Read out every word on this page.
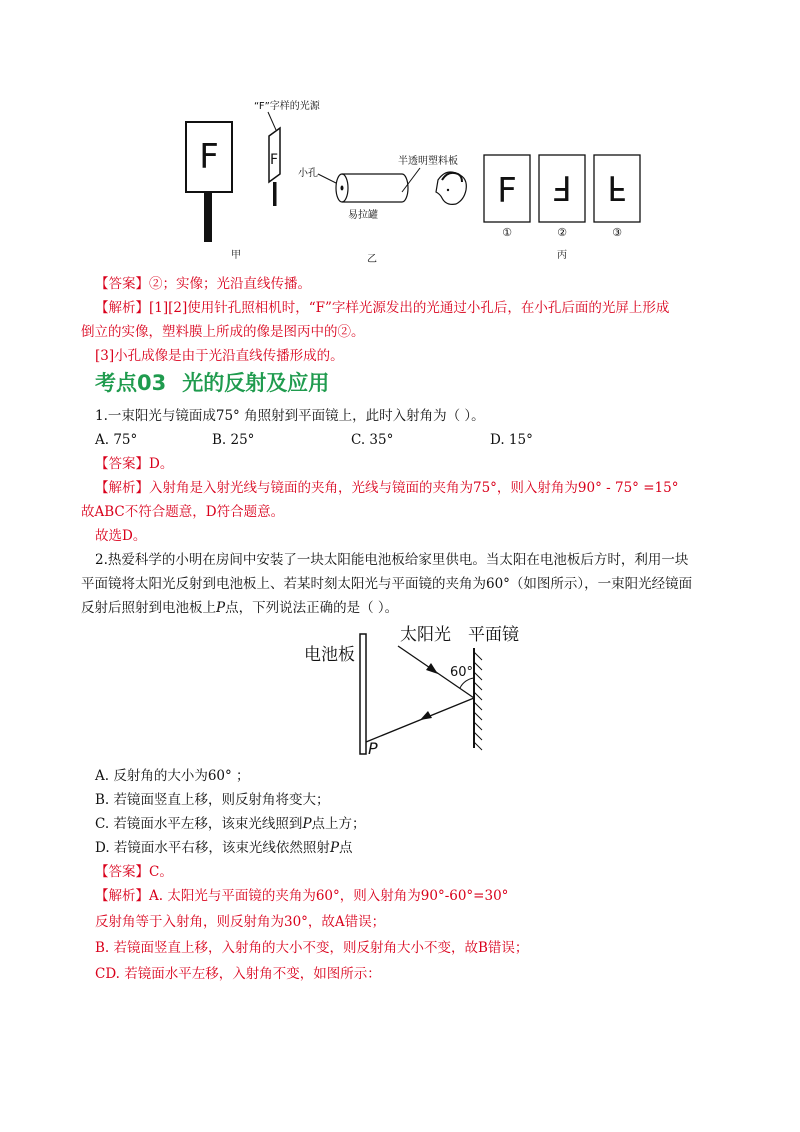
F
“F”字样的光源
F
小孔
易拉罐
半透明塑料板
F F F
①	②	③
甲	乙	丙
【答案】②；实像；光沿直线传播。
【解析】[1][2]使用针孔照相机时，“F”字样光源发出的光通过小孔后，在小孔后面的光屏上形成
倒立的实像，塑料膜上所成的像是图丙中的②。
[3]小孔成像是由于光沿直线传播形成的。
考点03 光的反射及应用
1.一束阳光与镜面成75° 角照射到平面镜上，此时入射角为（ ）。
A. 75°	B. 25°	C. 35°	D. 15°
【答案】D。
【解析】入射角是入射光线与镜面的夹角，光线与镜面的夹角为75°，则入射角为90° - 75° =15°
故ABC不符合题意，D符合题意。
故选D。
2.热爱科学的小明在房间中安装了一块太阳能电池板给家里供电。当太阳在电池板后方时，利用一块
平面镜将太阳光反射到电池板上、若某时刻太阳光与平面镜的夹角为60°（如图所示），一束阳光经镜面
反射后照射到电池板上P点，下列说法正确的是（ ）。
电池板
太阳光 平面镜
60°
P
A. 反射角的大小为60° ；
B. 若镜面竖直上移，则反射角将变大；
C. 若镜面水平左移，该束光线照到P点上方；
D. 若镜面水平右移，该束光线依然照射P点
【答案】C。
【解析】A. 太阳光与平面镜的夹角为60°，则入射角为90°-60°=30°
反射角等于入射角，则反射角为30°，故A错误；
B. 若镜面竖直上移，入射角的大小不变，则反射角大小不变，故B错误；
CD. 若镜面水平左移，入射角不变，如图所示：
